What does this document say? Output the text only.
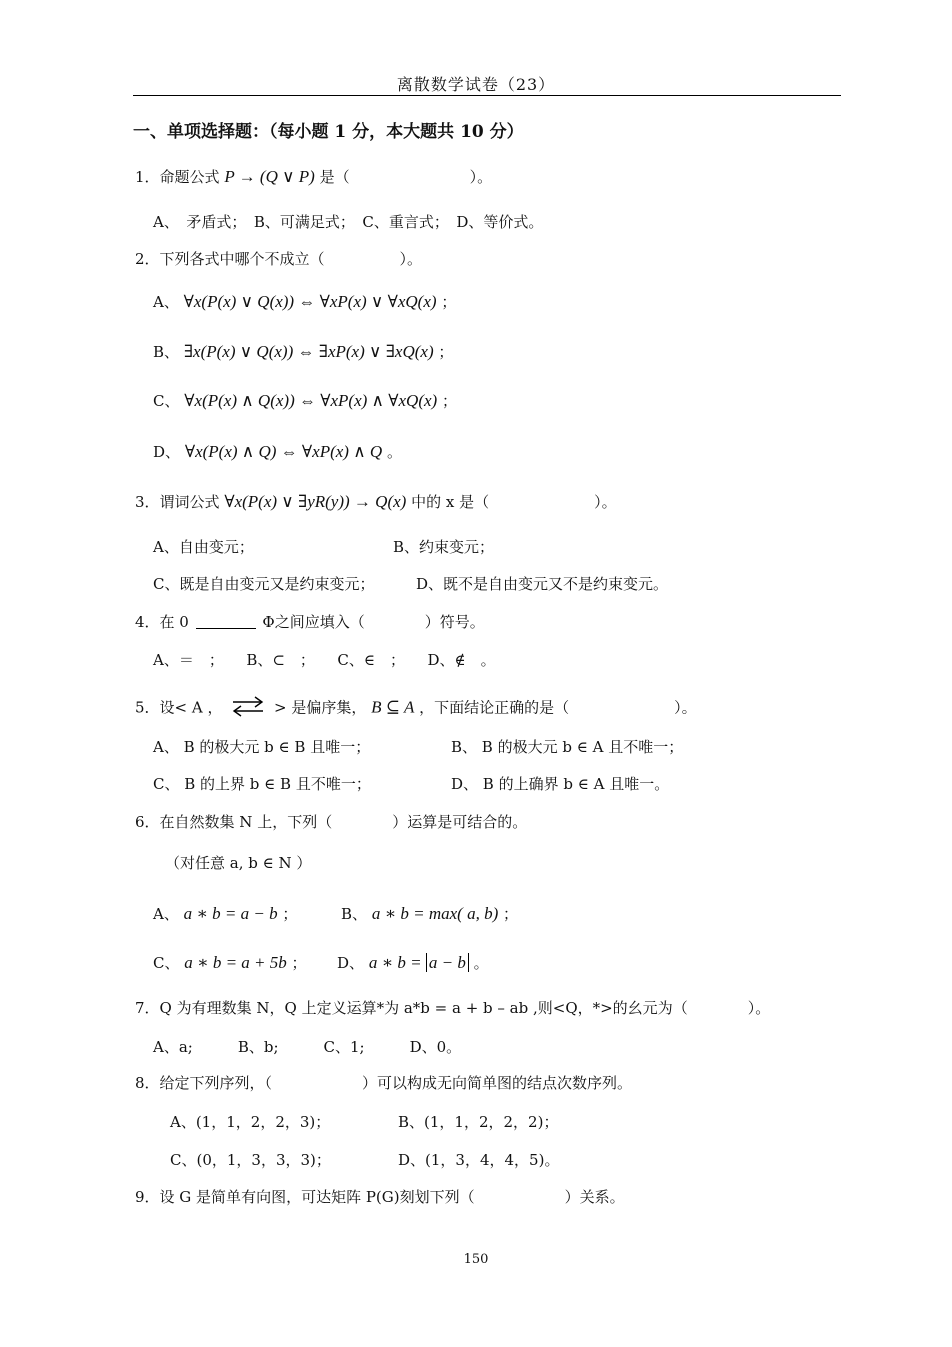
离散数学试卷（23）
一、单项选择题：（每小题 1 分，本大题共 10 分）
1．命题公式 P → (Q ∨ P) 是（　　　　　　　　）。
A、　矛盾式；　B、可满足式；　C、重言式；　D、等价式。
2．下列各式中哪个不成立（　　　　　）。
A、 ∀x(P(x) ∨ Q(x)) ⇔ ∀xP(x) ∨ ∀xQ(x) ；
B、 ∃x(P(x) ∨ Q(x)) ⇔ ∃xP(x) ∨ ∃xQ(x) ；
C、 ∀x(P(x) ∧ Q(x)) ⇔ ∀xP(x) ∧ ∀xQ(x) ；
D、 ∀x(P(x) ∧ Q) ⇔ ∀xP(x) ∧ Q 。
3．谓词公式 ∀x(P(x) ∨ ∃yR(y)) → Q(x) 中的 x 是（　　　　　　　）。
A、自由变元；	B、约束变元；
C、既是自由变元又是约束变元；	D、既不是自由变元又不是约束变元。
4．在 0	Φ之间应填入（　　　　）符号。
A、＝　；　　B、⊂　；　　C、∈　；　　D、∉　。
5．设< A ，	> 是偏序集， B ⊆ A ，下面结论正确的是（　　　　　　　）。
A、 B 的极大元 b ∈ B 且唯一；	B、 B 的极大元 b ∈ A 且不唯一；
C、 B 的上界 b ∈ B 且不唯一；	D、 B 的上确界 b ∈ A 且唯一。
6．在自然数集 N 上，下列（　　　　）运算是可结合的。
（对任意 a, b ∈ N ）
A、 a ∗ b = a − b ；	B、 a ∗ b = max( a, b) ；
C、 a ∗ b = a + 5b ； D、 a ∗ b = a − b 。
7．Q 为有理数集 N，Q 上定义运算*为 a*b = a + b – ab ,则<Q，*>的幺元为（　　　　）。
A、a;　　　B、b;　　　C、1;　　　D、0。
8．给定下列序列，（　　　　　　）可以构成无向简单图的结点次数序列。
A、(1，1，2，2，3)；	B、(1，1，2，2，2)；
C、(0，1，3，3，3)；	D、(1，3，4，4，5)。
9．设 G 是简单有向图，可达矩阵 P(G)刻划下列（　　　　　　）关系。
150
